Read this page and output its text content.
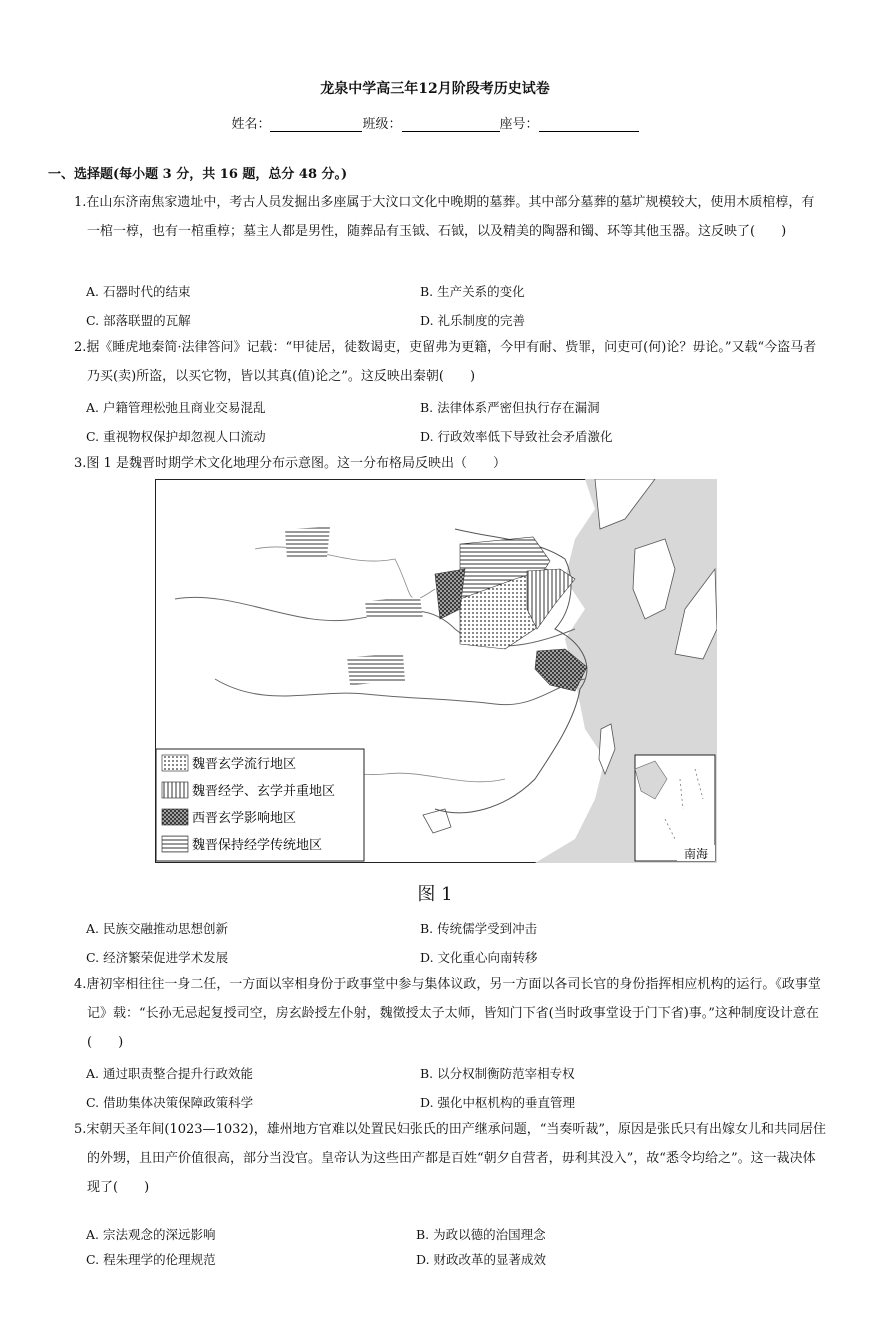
龙泉中学高三年12月阶段考历史试卷
姓名：	班级：	座号：
一、选择题(每小题 3 分，共 16 题，总分 48 分。)
1.在山东济南焦家遗址中，考古人员发掘出多座属于大汶口文化中晚期的墓葬。其中部分墓葬的墓圹规模较大，使用木质棺椁，有一棺一椁，也有一棺重椁；墓主人都是男性，随葬品有玉钺、石钺，以及精美的陶器和镯、环等其他玉器。这反映了(　　)
A. 石器时代的结束	B. 生产关系的变化
C. 部落联盟的瓦解	D. 礼乐制度的完善
2.据《睡虎地秦简·法律答问》记载：“甲徒居，徒数谒吏，吏留弗为更籍，今甲有耐、赀罪，问吏可(何)论？毋论。”又载“今盗马者乃买(卖)所盗，以买它物，皆以其真(值)论之”。这反映出秦朝(　　)
A. 户籍管理松弛且商业交易混乱	B. 法律体系严密但执行存在漏洞
C. 重视物权保护却忽视人口流动	D. 行政效率低下导致社会矛盾激化
3.图 1 是魏晋时期学术文化地理分布示意图。这一分布格局反映出（　　）
南海
魏晋玄学流行地区
魏晋经学、玄学并重地区
西晋玄学影响地区
魏晋保持经学传统地区
图 1
A. 民族交融推动思想创新	B. 传统儒学受到冲击
C. 经济繁荣促进学术发展	D. 文化重心向南转移
4.唐初宰相往往一身二任，一方面以宰相身份于政事堂中参与集体议政，另一方面以各司长官的身份指挥相应机构的运行。《政事堂记》载：“长孙无忌起复授司空，房玄龄授左仆射，魏徵授太子太师，皆知门下省(当时政事堂设于门下省)事。”这种制度设计意在(　　)
A. 通过职责整合提升行政效能	B. 以分权制衡防范宰相专权
C. 借助集体决策保障政策科学	D. 强化中枢机构的垂直管理
5.宋朝天圣年间(1023—1032)，雄州地方官难以处置民妇张氏的田产继承问题，“当奏听裁”，原因是张氏只有出嫁女儿和共同居住的外甥，且田产价值很高，部分当没官。皇帝认为这些田产都是百姓“朝夕自营者，毋利其没入”，故“悉令均给之”。这一裁决体现了(　　)
A. 宗法观念的深远影响	B. 为政以德的治国理念
C. 程朱理学的伦理规范	D. 财政改革的显著成效
